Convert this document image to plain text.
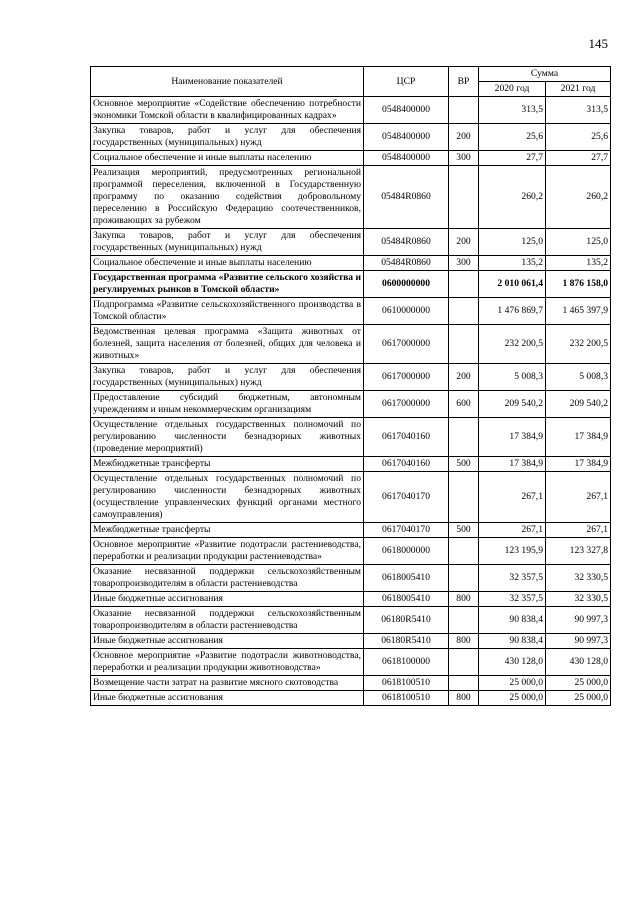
145
Наименование показателей	ЦСР	ВР	Сумма	
			2020 год	2021 год
Основное мероприятие «Содействие обеспечению потребности экономики Томской области в квалифицированных кадрах»	0548400000		313,5	313,5
Закупка товаров, работ и услуг для обеспечения государственных (муниципальных) нужд	0548400000	200	25,6	25,6
Социальное обеспечение и иные выплаты населению	0548400000	300	27,7	27,7
Реализация мероприятий, предусмотренных региональной программой переселения, включенной в Государственную программу по оказанию содействия добровольному переселению в Российскую Федерацию соотечественников, проживающих за рубежом	05484R0860		260,2	260,2
Закупка товаров, работ и услуг для обеспечения государственных (муниципальных) нужд	05484R0860	200	125,0	125,0
Социальное обеспечение и иные выплаты населению	05484R0860	300	135,2	135,2
Государственная программа «Развитие сельского хозяйства и регулируемых рынков в Томской области»	0600000000		2 010 061,4	1 876 158,0
Подпрограмма «Развитие сельскохозяйственного производства в Томской области»	0610000000		1 476 869,7	1 465 397,9
Ведомственная целевая программа «Защита животных от болезней, защита населения от болезней, общих для человека и животных»	0617000000		232 200,5	232 200,5
Закупка товаров, работ и услуг для обеспечения государственных (муниципальных) нужд	0617000000	200	5 008,3	5 008,3
Предоставление субсидий бюджетным, автономным учреждениям и иным некоммерческим организациям	0617000000	600	209 540,2	209 540,2
Осуществление отдельных государственных полномочий по регулированию численности безнадзорных животных (проведение мероприятий)	0617040160		17 384,9	17 384,9
Межбюджетные трансферты	0617040160	500	17 384,9	17 384,9
Осуществление отдельных государственных полномочий по регулированию численности безнадзорных животных (осуществление управленческих функций органами местного самоуправления)	0617040170		267,1	267,1
Межбюджетные трансферты	0617040170	500	267,1	267,1
Основное мероприятие «Развитие подотрасли растениеводства, переработки и реализации продукции растениеводства»	0618000000		123 195,9	123 327,8
Оказание несвязанной поддержки сельскохозяйственным товаропроизводителям в области растениеводства	0618005410		32 357,5	32 330,5
Иные бюджетные ассигнования	0618005410	800	32 357,5	32 330,5
Оказание несвязанной поддержки сельскохозяйственным товаропроизводителям в области растениеводства	06180R5410		90 838,4	90 997,3
Иные бюджетные ассигнования	06180R5410	800	90 838,4	90 997,3
Основное мероприятие «Развитие подотрасли животноводства, переработки и реализации продукции животноводства»	0618100000		430 128,0	430 128,0
Возмещение части затрат на развитие мясного скотоводства	0618100510		25 000,0	25 000,0
Иные бюджетные ассигнования	0618100510	800	25 000,0	25 000,0
